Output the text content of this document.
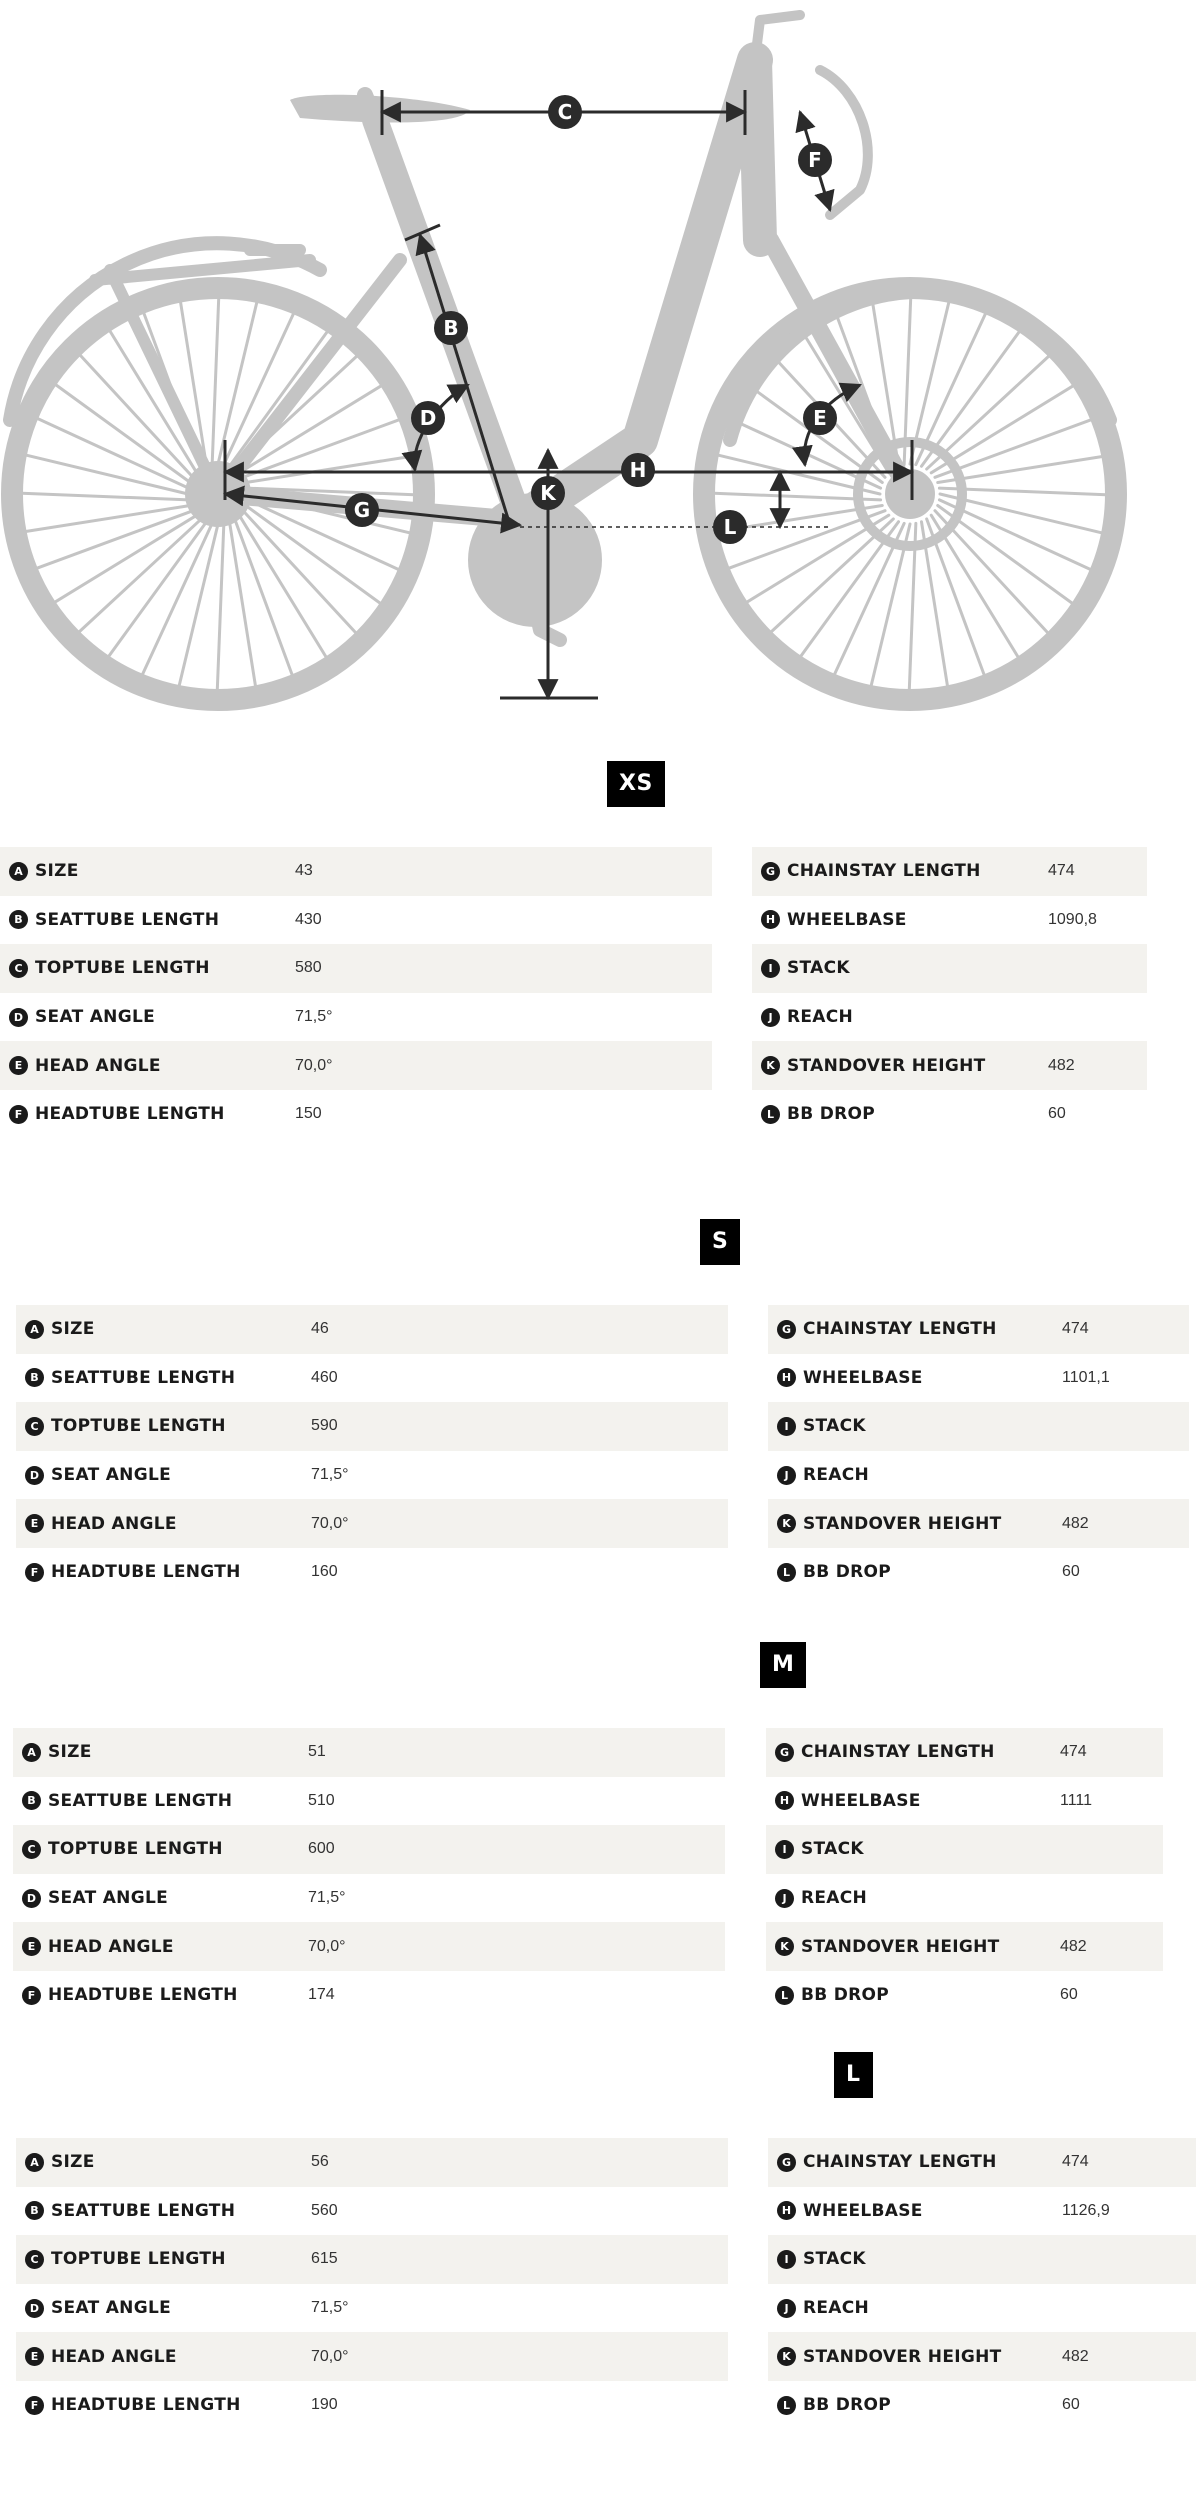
C
F
B
D	E
H
G
K
L
XS
A SIZE	43
B SEATTUBE LENGTH	430
C TOPTUBE LENGTH	580
D SEAT ANGLE	71,5°
E HEAD ANGLE	70,0°
F HEADTUBE LENGTH	150
G CHAINSTAY LENGTH	474
H WHEELBASE	1090,8
I STACK
J REACH
K STANDOVER HEIGHT	482
L BB DROP	60
S
A SIZE	46
B SEATTUBE LENGTH	460
C TOPTUBE LENGTH	590
D SEAT ANGLE	71,5°
E HEAD ANGLE	70,0°
F HEADTUBE LENGTH	160
G CHAINSTAY LENGTH	474
H WHEELBASE	1101,1
I STACK
J REACH
K STANDOVER HEIGHT	482
L BB DROP	60
M
A SIZE	51
B SEATTUBE LENGTH	510
C TOPTUBE LENGTH	600
D SEAT ANGLE	71,5°
E HEAD ANGLE	70,0°
F HEADTUBE LENGTH	174
G CHAINSTAY LENGTH	474
H WHEELBASE	1111
I STACK
J REACH
K STANDOVER HEIGHT	482
L BB DROP	60
L
A SIZE	56
B SEATTUBE LENGTH	560
C TOPTUBE LENGTH	615
D SEAT ANGLE	71,5°
E HEAD ANGLE	70,0°
F HEADTUBE LENGTH	190
G CHAINSTAY LENGTH	474
H WHEELBASE	1126,9
I STACK
J REACH
K STANDOVER HEIGHT	482
L BB DROP	60
